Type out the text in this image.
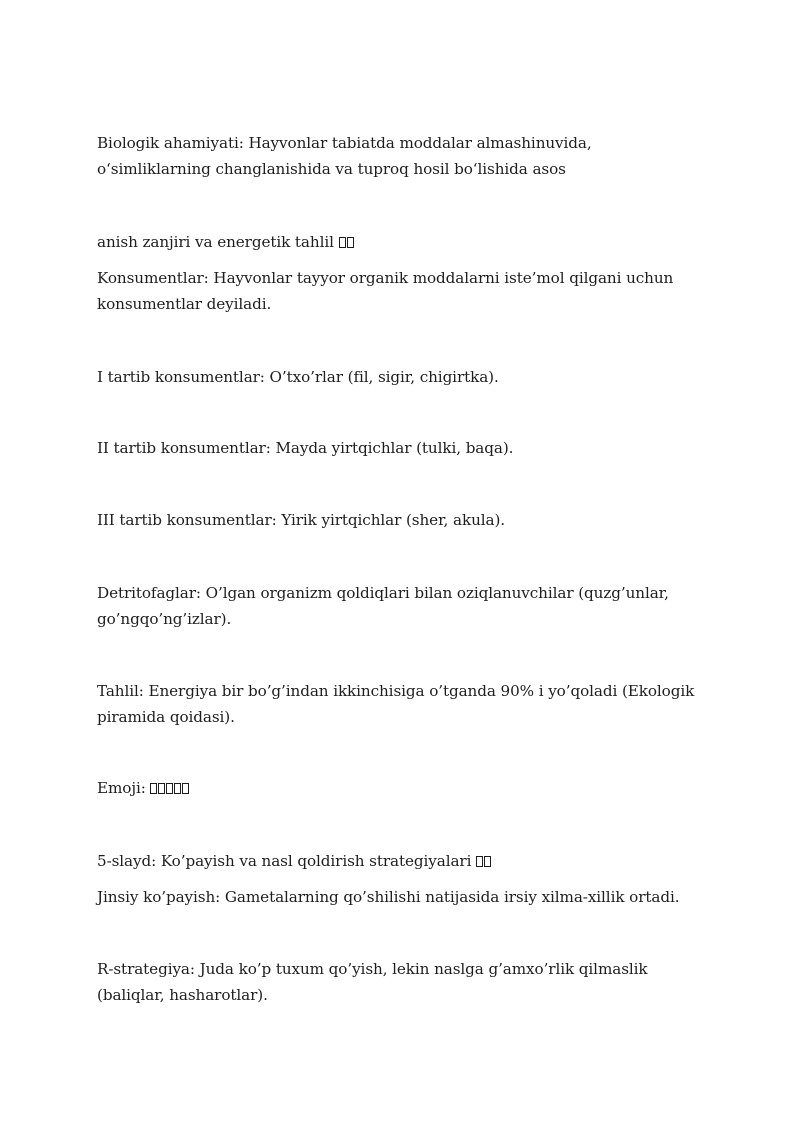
Biologik ahamiyati: Hayvonlar tabiatda moddalar almashinuvida, o‘simliklarning changlanishida va tuproq hosil bo‘lishida asos

anish zanjiri va energetik tahlil

Konsumentlar: Hayvonlar tayyor organik moddalarni iste’mol qilgani uchun konsumentlar deyiladi.

I tartib konsumentlar: O’txo’rlar (fil, sigir, chigirtka).

II tartib konsumentlar: Mayda yirtqichlar (tulki, baqa).

III tartib konsumentlar: Yirik yirtqichlar (sher, akula).

Detritofaglar: O’lgan organizm qoldiqlari bilan oziqlanuvchilar (quzg’unlar, go’ngqo’ng’izlar).

Tahlil: Energiya bir bo’g’indan ikkinchisiga o’tganda 90% i yo’qoladi (Ekologik piramida qoidasi).

Emoji:

5-slayd: Ko’payish va nasl qoldirish strategiyalari

Jinsiy ko’payish: Gametalarning qo’shilishi natijasida irsiy xilma-xillik ortadi.

R-strategiya: Juda ko’p tuxum qo’yish, lekin naslga g’amxo’rlik qilmaslik (baliqlar, hasharotlar).
